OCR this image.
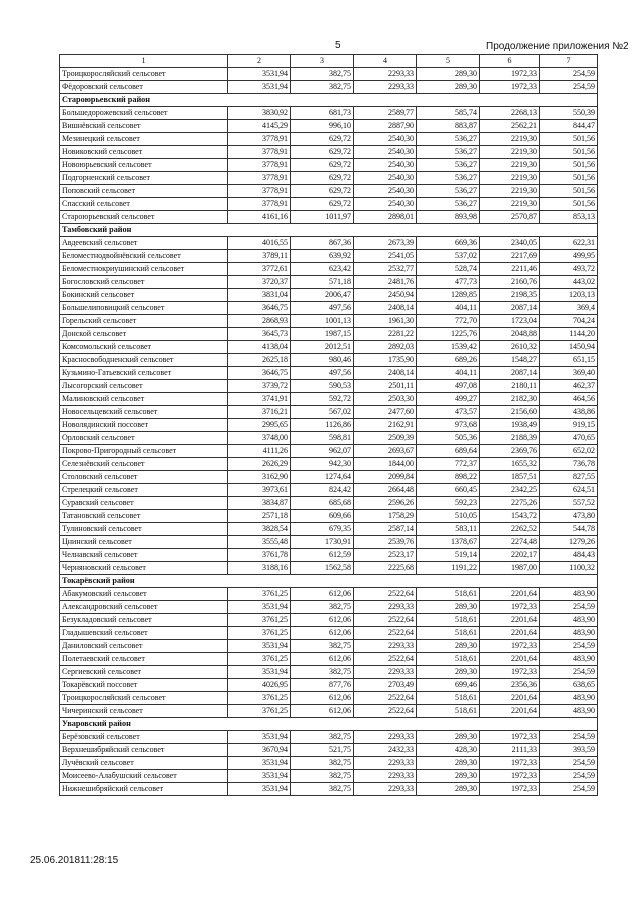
5	Продолжение приложения №2
1	2	3	4	5	6	7
Троицкоросляйский сельсовет	3531,94	382,75	2293,33	289,30	1972,33	254,59
Фёдоровский сельсовет	3531,94	382,75	2293,33	289,30	1972,33	254,59
Староюрьевский район						
Большедорожевский сельсовет	3830,92	681,73	2589,77	585,74	2268,13	550,39
Вишнёвский сельсовет	4145,29	996,10	2887,90	883,87	2562,21	844,47
Мезинецкий сельсовет	3778,91	629,72	2540,30	536,27	2219,30	501,56
Новиковский сельсовет	3778,91	629,72	2540,30	536,27	2219,30	501,56
Новоюрьевский сельсовет	3778,91	629,72	2540,30	536,27	2219,30	501,56
Подгорненский сельсовет	3778,91	629,72	2540,30	536,27	2219,30	501,56
Поповский сельсовет	3778,91	629,72	2540,30	536,27	2219,30	501,56
Спасский сельсовет	3778,91	629,72	2540,30	536,27	2219,30	501,56
Староюрьевский сельсовет	4161,16	1011,97	2898,01	893,98	2570,87	853,13
Тамбовский район						
Авдеевский сельсовет	4016,55	867,36	2673,39	669,36	2340,05	622,31
Беломестнодвойнёвский сельсовет	3789,11	639,92	2541,05	537,02	2217,69	499,95
Беломестнокриушинский сельсовет	3772,61	623,42	2532,77	528,74	2211,46	493,72
Богословский сельсовет	3720,37	571,18	2481,76	477,73	2160,76	443,02
Бокинский сельсовет	3831,04	2006,47	2450,94	1289,85	2198,35	1203,13
Большелиповицкий сельсовет	3646,75	497,56	2408,14	404,11	2087,14	369,4
Горельский сельсовет	2868,93	1001,13	1961,30	772,70	1723,04	704,24
Донской сельсовет	3645,73	1987,15	2281,22	1225,76	2048,88	1144,20
Комсомольский сельсовет	4138,04	2012,51	2892,03	1539,42	2610,32	1450,94
Красносвободненский сельсовет	2625,18	980,46	1735,90	689,26	1548,27	651,15
Кузьмино-Гатьевский сельсовет	3646,75	497,56	2408,14	404,11	2087,14	369,40
Лысогорский сельсовет	3739,72	590,53	2501,11	497,08	2180,11	462,37
Малиновский сельсовет	3741,91	592,72	2503,30	499,27	2182,30	464,56
Новосельцевский сельсовет	3716,21	567,02	2477,60	473,57	2156,60	438,86
Новолядинский поссовет	2995,65	1126,86	2162,91	973,68	1938,49	919,15
Орловский сельсовет	3748,00	598,81	2509,39	505,36	2188,39	470,65
Покрово-Пригородный сельсовет	4111,26	962,07	2693,67	689,64	2369,76	652,02
Селезнёвский сельсовет	2626,29	942,30	1844,00	772,37	1655,32	736,78
Столовский сельсовет	3162,90	1274,64	2099,84	898,22	1857,51	827,55
Стрелецкий сельсовет	3973,61	824,42	2664,48	660,45	2342,25	624,51
Суравский сельсовет	3834,87	685,68	2596,26	592,23	2275,26	557,52
Татановский сельсовет	2571,18	609,66	1758,29	510,05	1543,72	473,80
Тулиновский сельсовет	3828,54	679,35	2587,14	583,11	2262,52	544,78
Цнинский сельсовет	3555,48	1730,91	2539,76	1378,67	2274,48	1279,26
Челнавский сельсовет	3761,78	612,59	2523,17	519,14	2202,17	484,43
Черняновский сельсовет	3188,16	1562,58	2225,68	1191,22	1987,00	1100,32
Токарёвский район						
Абакумовский сельсовет	3761,25	612,06	2522,64	518,61	2201,64	483,90
Александровский сельсовет	3531,94	382,75	2293,33	289,30	1972,33	254,59
Безукладовский сельсовет	3761,25	612,06	2522,64	518,61	2201,64	483,90
Гладышевский сельсовет	3761,25	612,06	2522,64	518,61	2201,64	483,90
Даниловский сельсовет	3531,94	382,75	2293,33	289,30	1972,33	254,59
Полетаевский сельсовет	3761,25	612,06	2522,64	518,61	2201,64	483,90
Сергиевский сельсовет	3531,94	382,75	2293,33	289,30	1972,33	254,59
Токарёвский поссовет	4026,95	877,76	2703,49	699,46	2356,36	638,65
Троицкоросляйский сельсовет	3761,25	612,06	2522,64	518,61	2201,64	483,90
Чичеринский сельсовет	3761,25	612,06	2522,64	518,61	2201,64	483,90
Уваровский район						
Берёзовский сельсовет	3531,94	382,75	2293,33	289,30	1972,33	254,59
Верхнешибряйский сельсовет	3670,94	521,75	2432,33	428,30	2111,33	393,59
Лучёвский сельсовет	3531,94	382,75	2293,33	289,30	1972,33	254,59
Моисеево-Алабушский сельсовет	3531,94	382,75	2293,33	289,30	1972,33	254,59
Нижнешибряйский сельсовет	3531,94	382,75	2293,33	289,30	1972,33	254,59
25.06.201811:28:15
